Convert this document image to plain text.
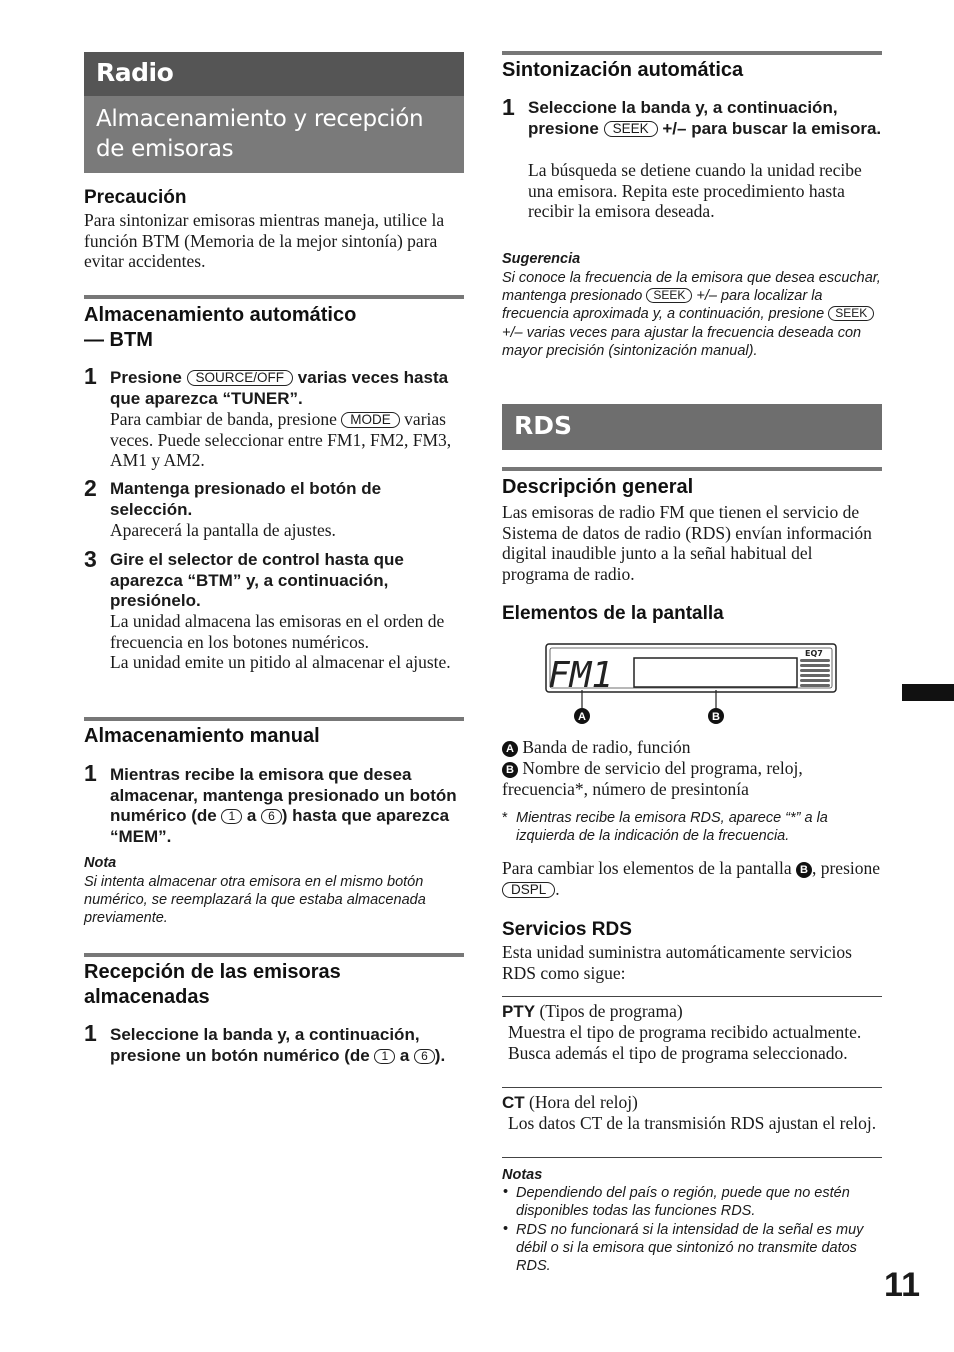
Radio
Almacenamiento y recepción de emisoras
RDS
Precaución
Para sintonizar emisoras mientras maneja, utilice la función BTM (Memoria de la mejor sintonía) para evitar accidentes.
Almacenamiento automático
— BTM
1 Presione SOURCE/OFF varias veces hasta que aparezca “TUNER”.
Para cambiar de banda, presione MODE varias veces. Puede seleccionar entre FM1, FM2, FM3, AM1 y AM2.
2 Mantenga presionado el botón de selección.
Aparecerá la pantalla de ajustes.
3 Gire el selector de control hasta que aparezca “BTM” y, a continuación, presiónelo.
La unidad almacena las emisoras en el orden de frecuencia en los botones numéricos.
La unidad emite un pitido al almacenar el ajuste.
Almacenamiento manual
1 Mientras recibe la emisora que desea almacenar, mantenga presionado un botón numérico (de 1 a 6 ) hasta que aparezca “MEM”.
Nota
Si intenta almacenar otra emisora en el mismo botón numérico, se reemplazará la que estaba almacenada previamente.
Recepción de las emisoras
almacenadas
1 Seleccione la banda y, a continuación, presione un botón numérico (de 1 a 6 ).
Sintonización automática
1 Seleccione la banda y, a continuación, presione SEEK +/– para buscar la emisora.
La búsqueda se detiene cuando la unidad recibe una emisora. Repita este procedimiento hasta recibir la emisora deseada.
Sugerencia
Si conoce la frecuencia de la emisora que desea escuchar, mantenga presionado SEEK +/– para localizar la frecuencia aproximada y, a continuación, presione SEEK +/– varias veces para ajustar la frecuencia deseada con mayor precisión (sintonización manual).
Descripción general
Las emisoras de radio FM que tienen el servicio de Sistema de datos de radio (RDS) envían información digital inaudible junto a la señal habitual del programa de radio.
Elementos de la pantalla
FM1
EQ7
A	B
A Banda de radio, función
B Nombre de servicio del programa, reloj, frecuencia*, número de presintonía
* Mientras recibe la emisora RDS, aparece “*” a la izquierda de la indicación de la frecuencia.
Para cambiar los elementos de la pantalla B , presione DSPL .
Servicios RDS
Esta unidad suministra automáticamente servicios RDS como sigue:
PTY (Tipos de programa)
Muestra el tipo de programa recibido actualmente. Busca además el tipo de programa seleccionado.
CT (Hora del reloj)
Los datos CT de la transmisión RDS ajustan el reloj.
Notas
• Dependiendo del país o región, puede que no estén disponibles todas las funciones RDS.
• RDS no funcionará si la intensidad de la señal es muy débil o si la emisora que sintonizó no transmite datos RDS.	11
